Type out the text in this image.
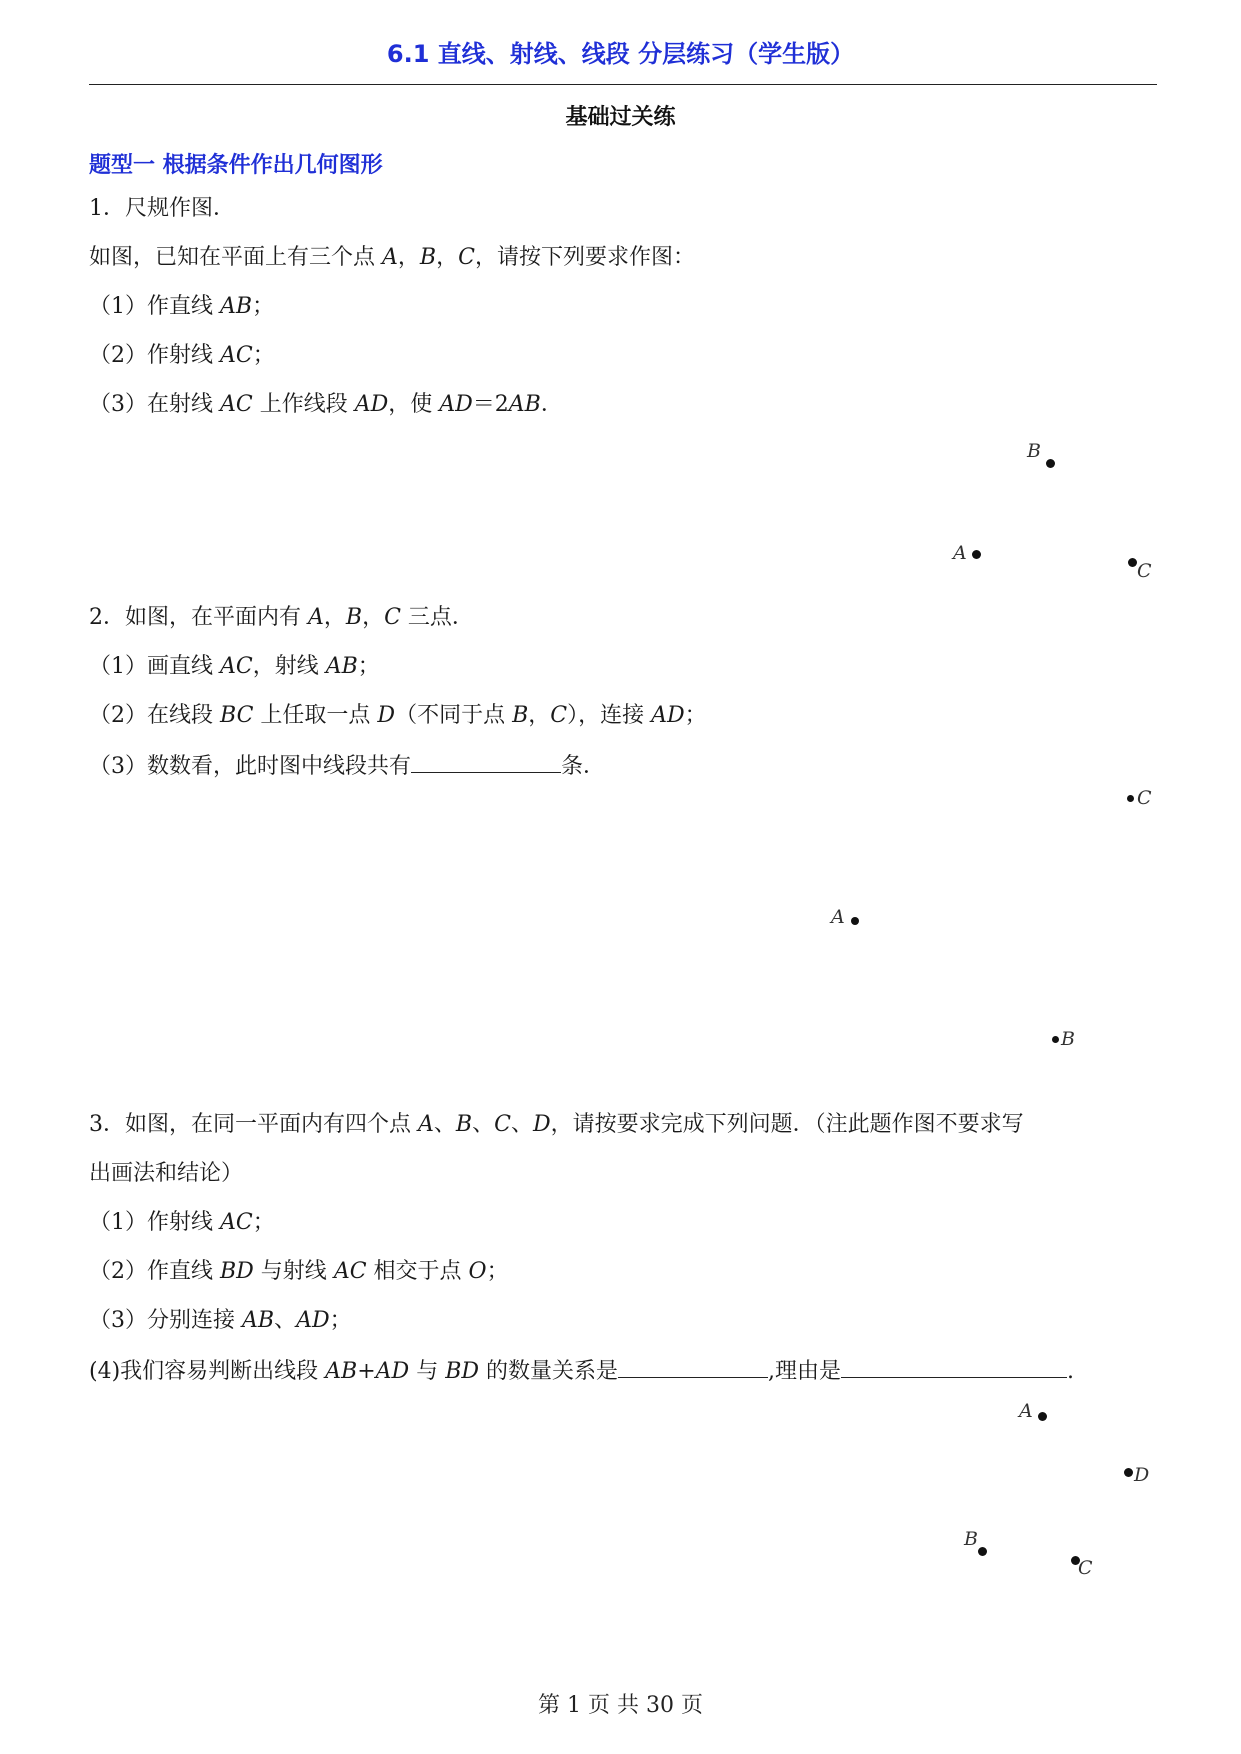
6.1 直线、射线、线段 分层练习（学生版）
基础过关练
题型一 根据条件作出几何图形
1．尺规作图．
如图，已知在平面上有三个点 A，B，C，请按下列要求作图：
（1）作直线 AB；
（2）作射线 AC；
（3）在射线 AC 上作线段 AD，使 AD＝2AB．
B
A
C
2．如图，在平面内有 A，B，C 三点．
（1）画直线 AC，射线 AB；
（2）在线段 BC 上任取一点 D（不同于点 B，C），连接 AD；
（3）数数看，此时图中线段共有	条．
C
A
B
3．如图，在同一平面内有四个点 A、B、C、D，请按要求完成下列问题．（注此题作图不要求写
出画法和结论）
（1）作射线 AC；
（2）作直线 BD 与射线 AC 相交于点 O；
（3）分别连接 AB、AD；
(4)我们容易判断出线段 AB+AD 与 BD 的数量关系是	,理由是	.
A
D
B
C
第 1 页 共 30 页
